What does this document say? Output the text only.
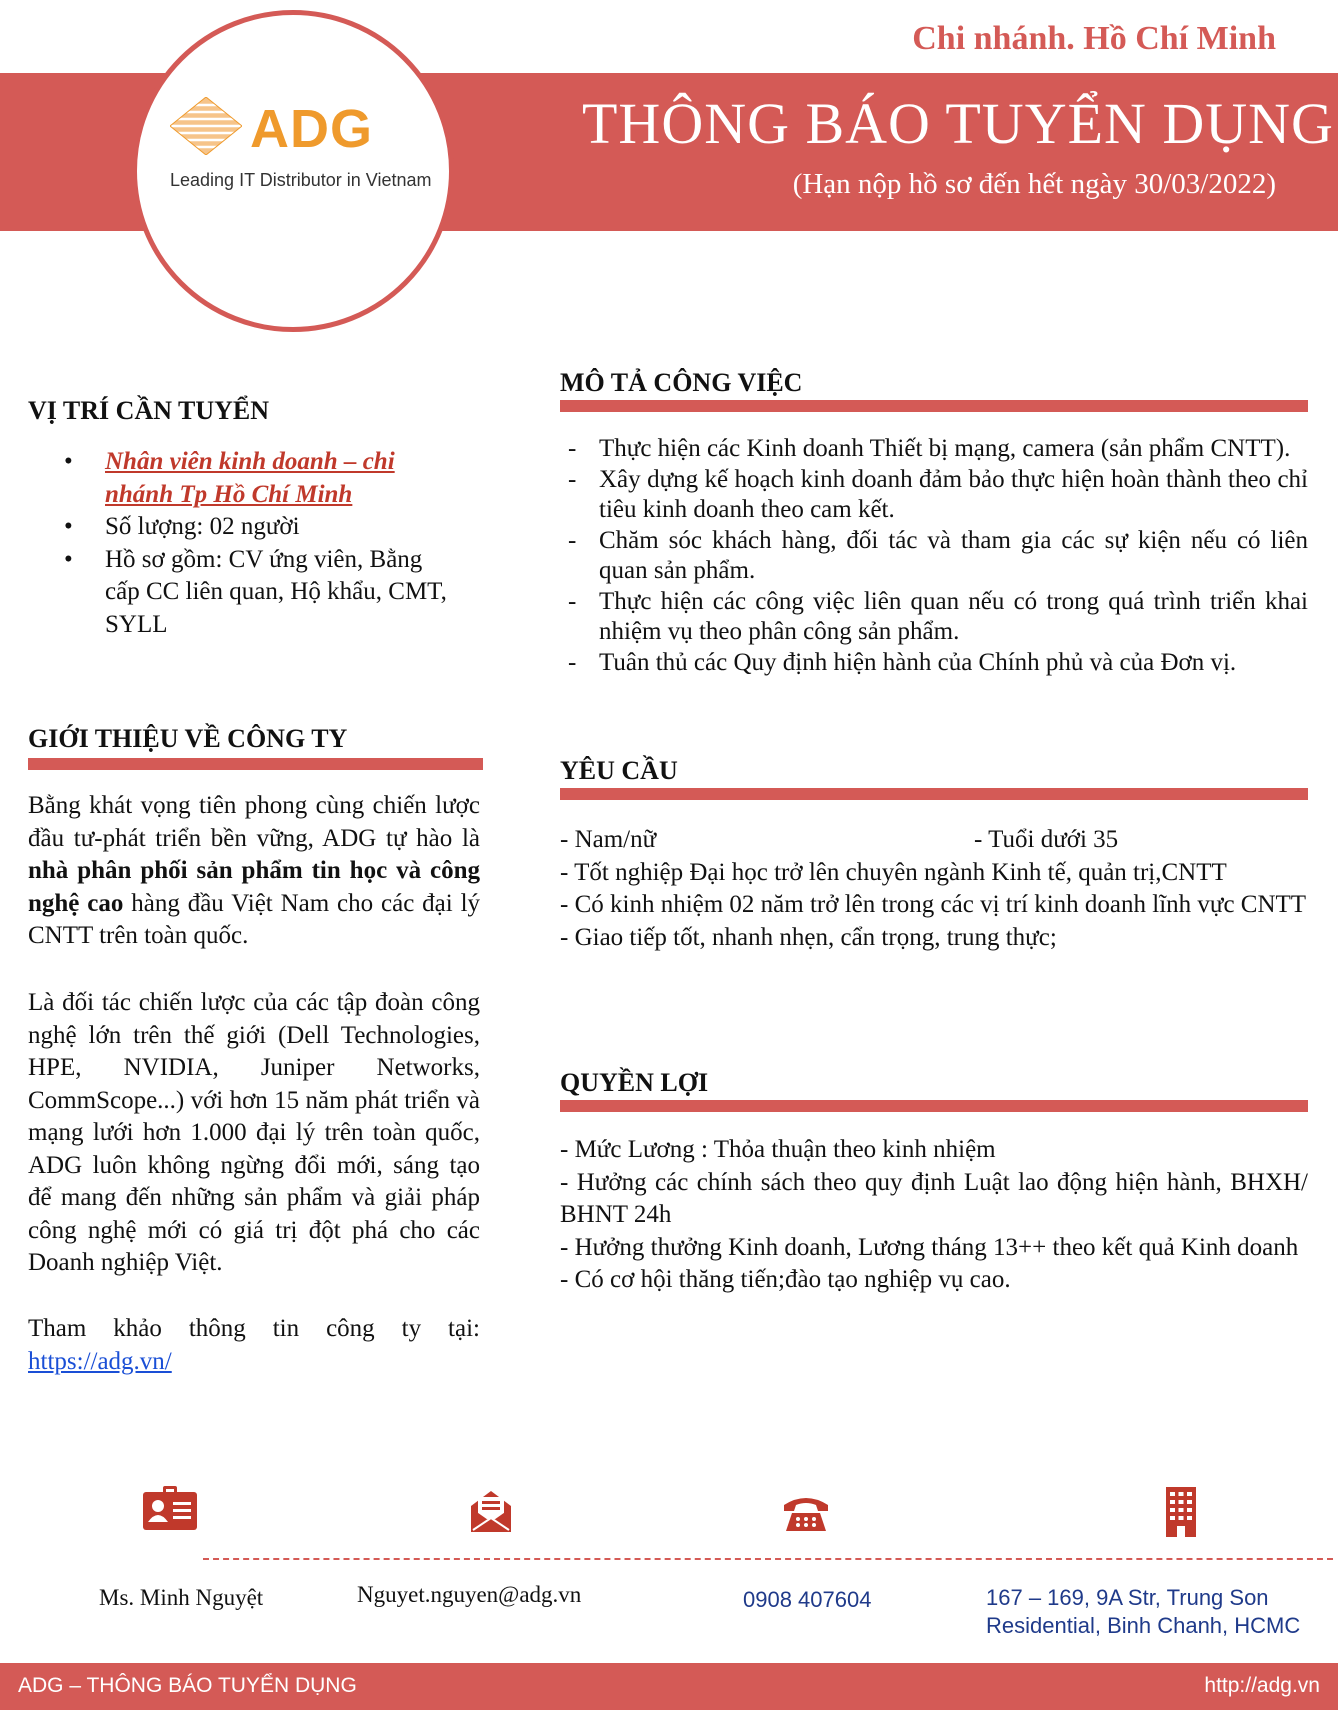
Chi nhánh. Hồ Chí Minh
THÔNG BÁO TUYỂN DỤNG
(Hạn nộp hồ sơ đến hết ngày 30/03/2022)
ADG
Leading IT Distributor in Vietnam
VỊ TRÍ CẦN TUYỂN
•	Nhân viên kinh doanh – chi
nhánh Tp Hồ Chí Minh
•	Số lượng: 02 người
•	Hồ sơ gồm: CV ứng viên, Bằng
cấp CC liên quan, Hộ khẩu, CMT,
SYLL
GIỚI THIỆU VỀ CÔNG TY
Bằng khát vọng tiên phong cùng chiến lược đầu tư-phát triển bền vững, ADG tự hào là nhà phân phối sản phẩm tin học và công nghệ cao hàng đầu Việt Nam cho các đại lý CNTT trên toàn quốc.
Là đối tác chiến lược của các tập đoàn công nghệ lớn trên thế giới (Dell Technologies, HPE, NVIDIA, Juniper Networks, CommScope...) với hơn 15 năm phát triển và mạng lưới hơn 1.000 đại lý trên toàn quốc, ADG luôn không ngừng đổi mới, sáng tạo để mang đến những sản phẩm và giải pháp công nghệ mới có giá trị đột phá cho các Doanh nghiệp Việt.
Tham khảo thông tin công ty tại:
https://adg.vn/
MÔ TẢ CÔNG VIỆC
- Thực hiện các Kinh doanh Thiết bị mạng, camera (sản phẩm CNTT).
- Xây dựng kế hoạch kinh doanh đảm bảo thực hiện hoàn thành theo chỉ tiêu kinh doanh theo cam kết.
- Chăm sóc khách hàng, đối tác và tham gia các sự kiện nếu có liên quan sản phẩm.
- Thực hiện các công việc liên quan nếu có trong quá trình triển khai nhiệm vụ theo phân công sản phẩm.
- Tuân thủ các Quy định hiện hành của Chính phủ và của Đơn vị.
YÊU CẦU
- Nam/nữ	- Tuổi dưới 35
- Tốt nghiệp Đại học trở lên chuyên ngành Kinh tế, quản trị,CNTT
- Có kinh nhiệm 02 năm trở lên trong các vị trí kinh doanh lĩnh vực CNTT
- Giao tiếp tốt, nhanh nhẹn, cẩn trọng, trung thực;
QUYỀN LỢI
- Mức Lương : Thỏa thuận theo kinh nhiệm
- Hưởng các chính sách theo quy định Luật lao động hiện hành, BHXH/ BHNT 24h
- Hưởng thưởng Kinh doanh, Lương tháng 13++ theo kết quả Kinh doanh
- Có cơ hội thăng tiến;đào tạo nghiệp vụ cao.
Ms. Minh Nguyệt	Nguyet.nguyen@adg.vn	0908 407604	167 – 169, 9A Str, Trung Son
Residential, Binh Chanh, HCMC
ADG – THÔNG BÁO TUYỂN DỤNG	http://adg.vn
